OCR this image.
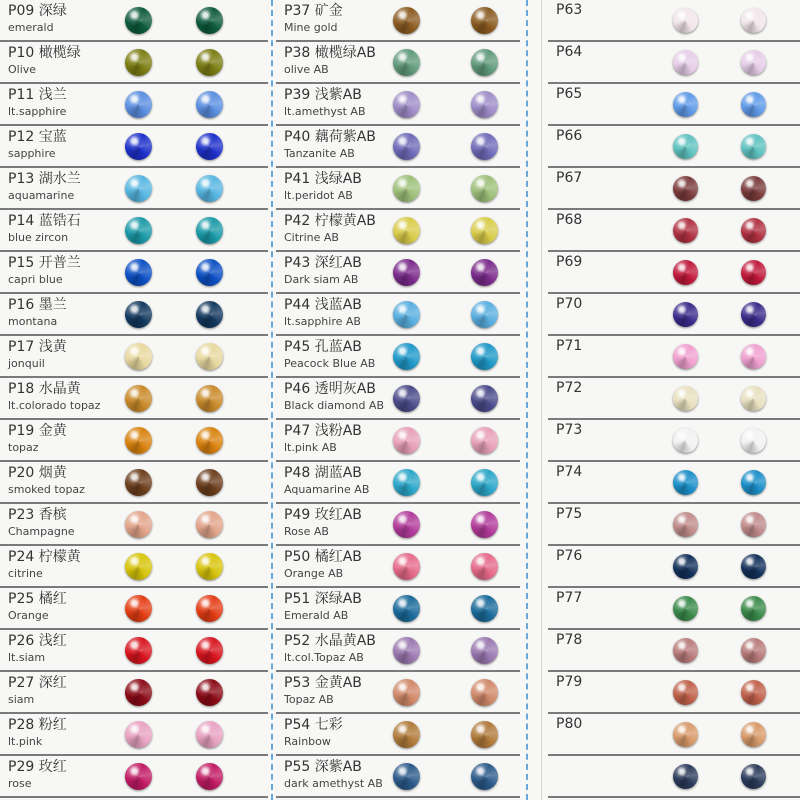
P09 深绿
emerald
P10 橄榄绿
Olive
P11 浅兰
lt.sapphire
P12 宝蓝
sapphire
P13 湖水兰
aquamarine
P14 蓝锆石
blue zircon
P15 开普兰
capri blue
P16 墨兰
montana
P17 浅黄
jonquil
P18 水晶黄
lt.colorado topaz
P19 金黄
topaz
P20 烟黄
smoked topaz
P23 香槟
Champagne
P24 柠檬黄
citrine
P25 橘红
Orange
P26 浅红
lt.siam
P27 深红
siam
P28 粉红
lt.pink
P29 玫红
rose
P37 矿金
Mine gold
P38 橄榄绿AB
olive AB
P39 浅紫AB
lt.amethyst AB
P40 藕荷紫AB
Tanzanite AB
P41 浅绿AB
lt.peridot AB
P42 柠檬黄AB
Citrine AB
P43 深红AB
Dark siam AB
P44 浅蓝AB
lt.sapphire AB
P45 孔蓝AB
Peacock Blue AB
P46 透明灰AB
Black diamond AB
P47 浅粉AB
lt.pink AB
P48 湖蓝AB
Aquamarine AB
P49 玫红AB
Rose AB
P50 橘红AB
Orange AB
P51 深绿AB
Emerald AB
P52 水晶黄AB
lt.col.Topaz AB
P53 金黄AB
Topaz AB
P54 七彩
Rainbow
P55 深紫AB
dark amethyst AB
P63
P64
P65
P66
P67
P68
P69
P70
P71
P72
P73
P74
P75
P76
P77
P78
P79
P80
